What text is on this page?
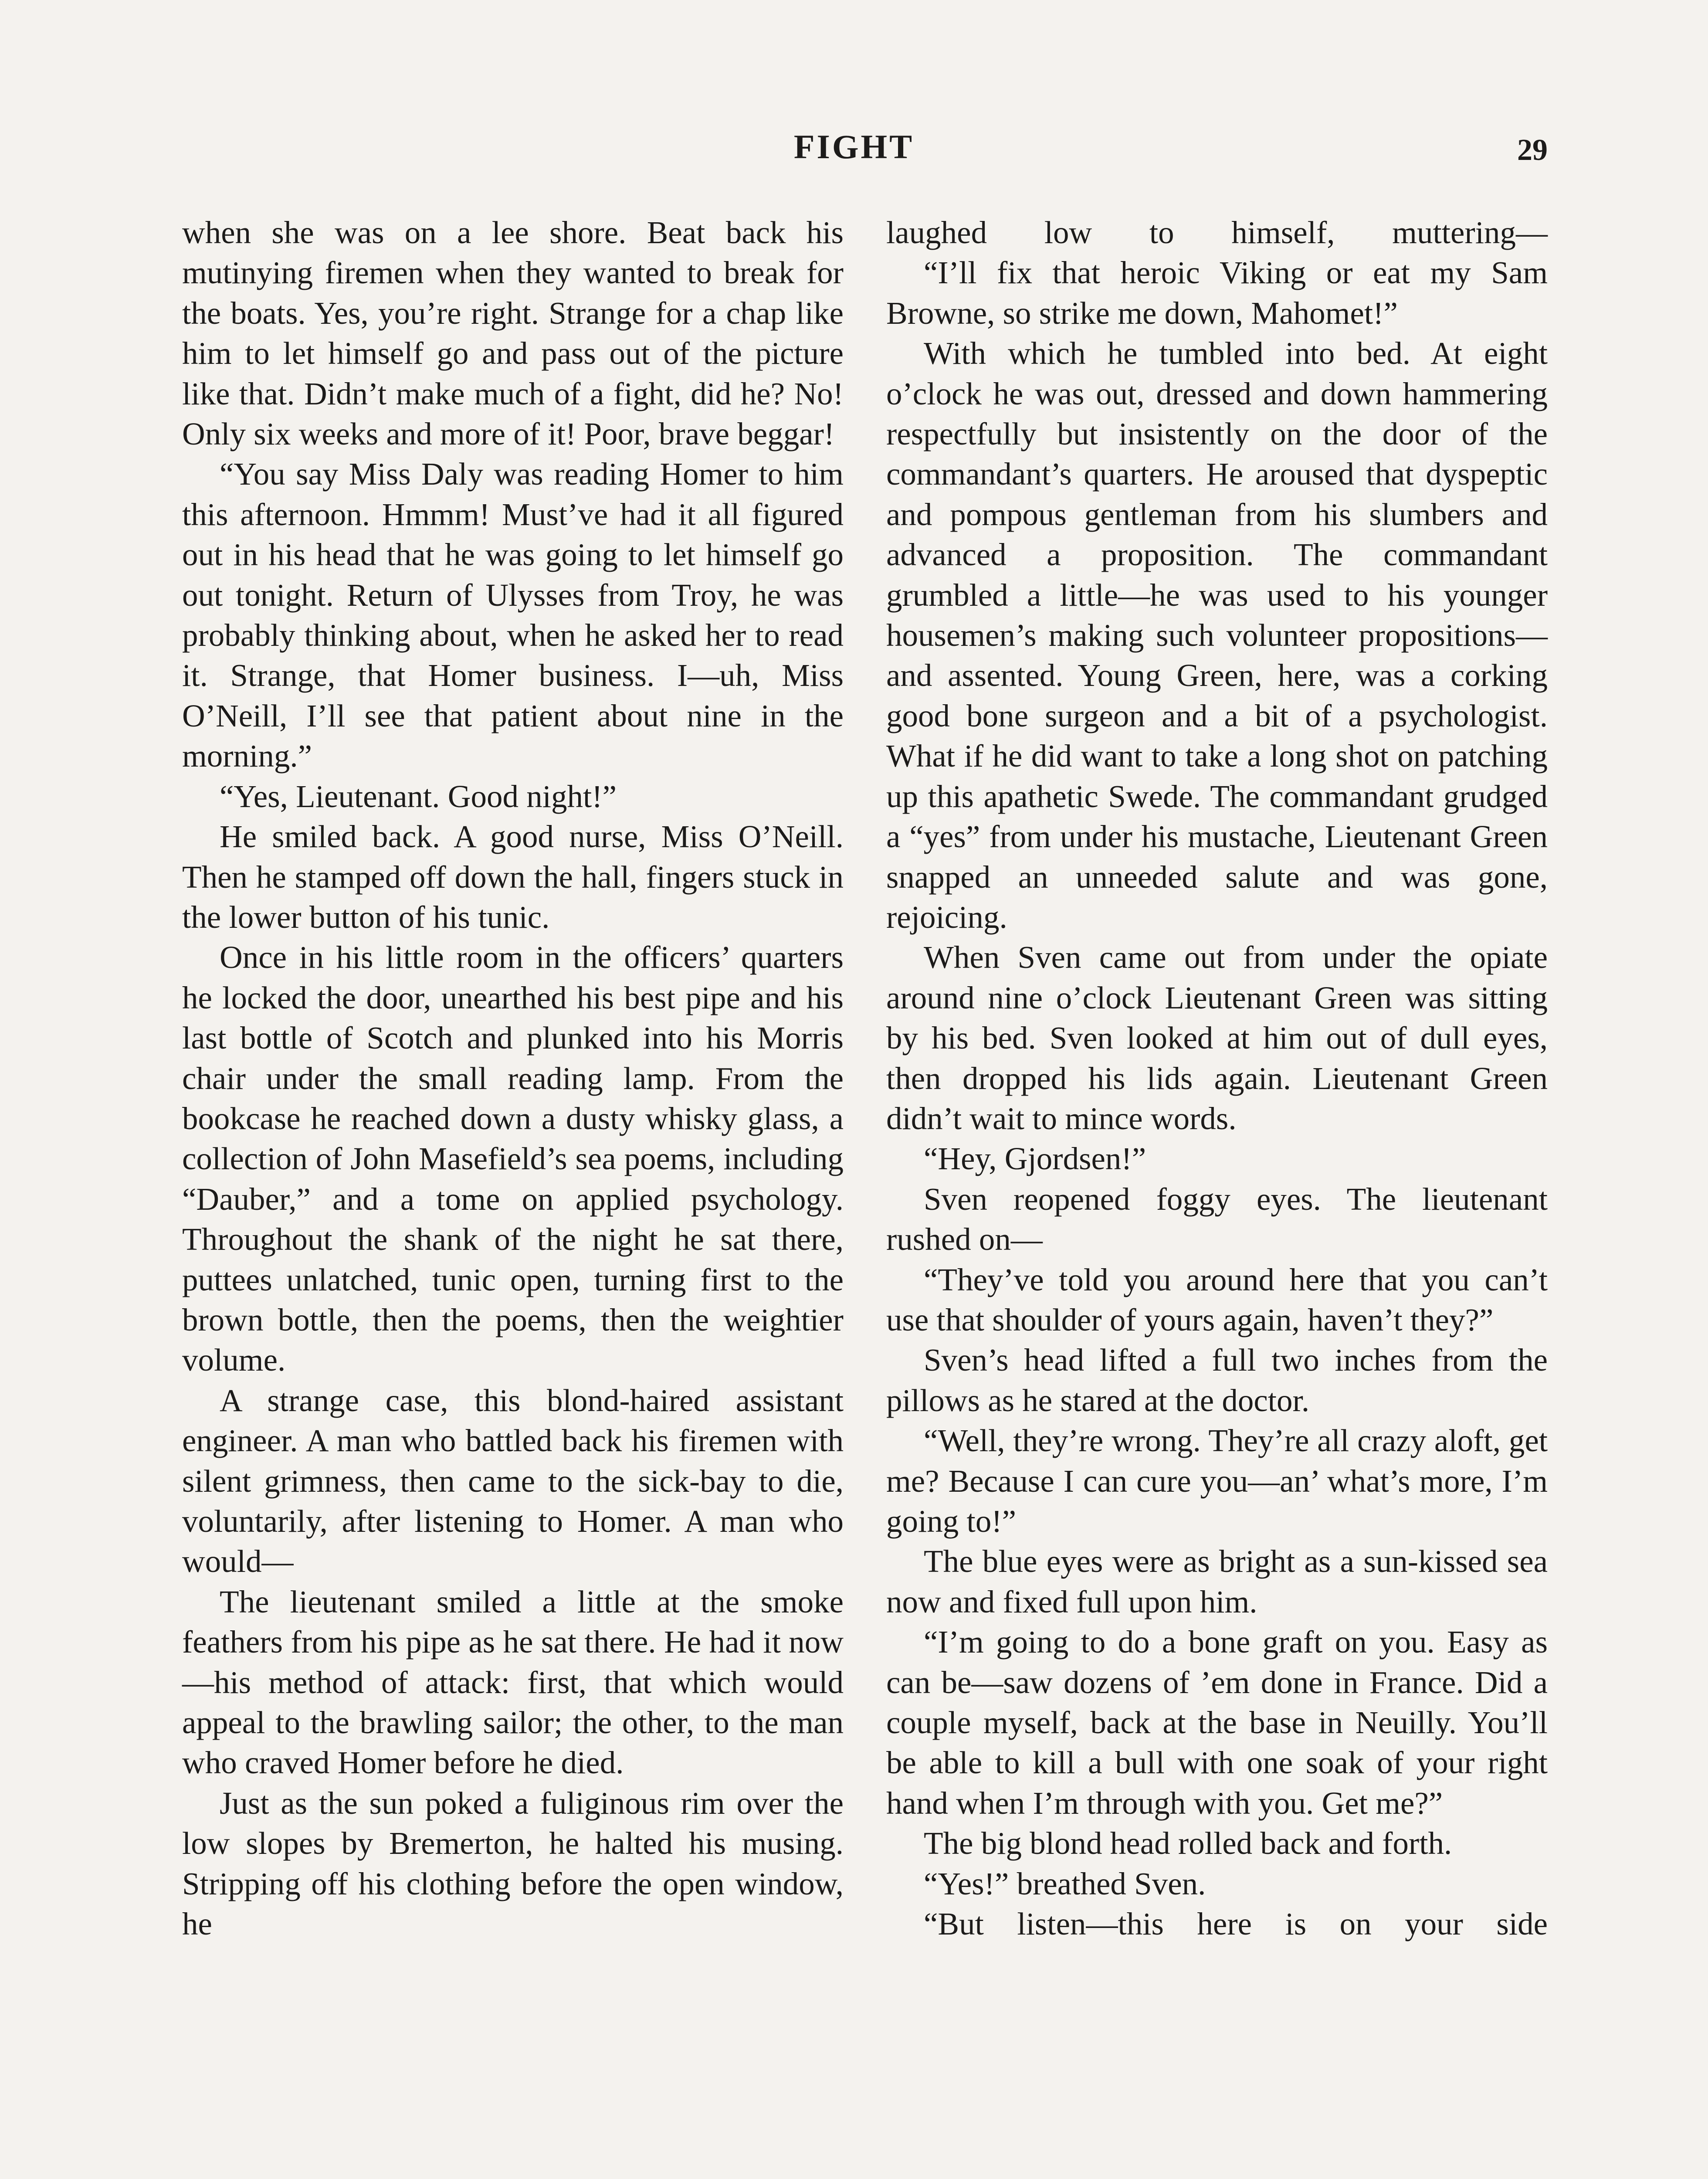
FIGHT	29

when she was on a lee shore. Beat back his mutinying firemen when they wanted to break for the boats. Yes, you’re right. Strange for a chap like him to let himself go and pass out of the picture like that. Didn’t make much of a fight, did he? No! Only six weeks and more of it! Poor, brave beggar!

“You say Miss Daly was reading Homer to him this afternoon. Hmmm! Must’ve had it all figured out in his head that he was going to let himself go out tonight. Return of Ulysses from Troy, he was probably thinking about, when he asked her to read it. Strange, that Homer business. I—uh, Miss O’Neill, I’ll see that patient about nine in the morning.”

“Yes, Lieutenant. Good night!”

He smiled back. A good nurse, Miss O’Neill. Then he stamped off down the hall, fingers stuck in the lower button of his tunic.

Once in his little room in the officers’ quarters he locked the door, unearthed his best pipe and his last bottle of Scotch and plunked into his Morris chair under the small reading lamp. From the bookcase he reached down a dusty whisky glass, a collection of John Masefield’s sea poems, including “Dauber,” and a tome on applied psychology. Throughout the shank of the night he sat there, puttees unlatched, tunic open, turning first to the brown bottle, then the poems, then the weightier volume.

A strange case, this blond-haired assistant engineer. A man who battled back his firemen with silent grimness, then came to the sick-bay to die, voluntarily, after listening to Homer. A man who would—

The lieutenant smiled a little at the smoke feathers from his pipe as he sat there. He had it now—his method of attack: first, that which would appeal to the brawling sailor; the other, to the man who craved Homer before he died.

Just as the sun poked a fuliginous rim over the low slopes by Bremerton, he halted his musing. Stripping off his clothing before the open window, he

laughed low to himself, muttering—

“I’ll fix that heroic Viking or eat my Sam Browne, so strike me down, Mahomet!”

With which he tumbled into bed. At eight o’clock he was out, dressed and down hammering respectfully but insistently on the door of the commandant’s quarters. He aroused that dyspeptic and pompous gentleman from his slumbers and advanced a proposition. The commandant grumbled a little—he was used to his younger housemen’s making such volunteer propositions—and assented. Young Green, here, was a corking good bone surgeon and a bit of a psychologist. What if he did want to take a long shot on patching up this apathetic Swede. The commandant grudged a “yes” from under his mustache, Lieutenant Green snapped an unneeded salute and was gone, rejoicing.

When Sven came out from under the opiate around nine o’clock Lieutenant Green was sitting by his bed. Sven looked at him out of dull eyes, then dropped his lids again. Lieutenant Green didn’t wait to mince words.

“Hey, Gjordsen!”

Sven reopened foggy eyes. The lieutenant rushed on—

“They’ve told you around here that you can’t use that shoulder of yours again, haven’t they?”

Sven’s head lifted a full two inches from the pillows as he stared at the doctor.

“Well, they’re wrong. They’re all crazy aloft, get me? Because I can cure you—an’ what’s more, I’m going to!”

The blue eyes were as bright as a sun-kissed sea now and fixed full upon him.

“I’m going to do a bone graft on you. Easy as can be—saw dozens of ’em done in France. Did a couple myself, back at the base in Neuilly. You’ll be able to kill a bull with one soak of your right hand when I’m through with you. Get me?”

The big blond head rolled back and forth.

“Yes!” breathed Sven.

“But listen—this here is on your side
